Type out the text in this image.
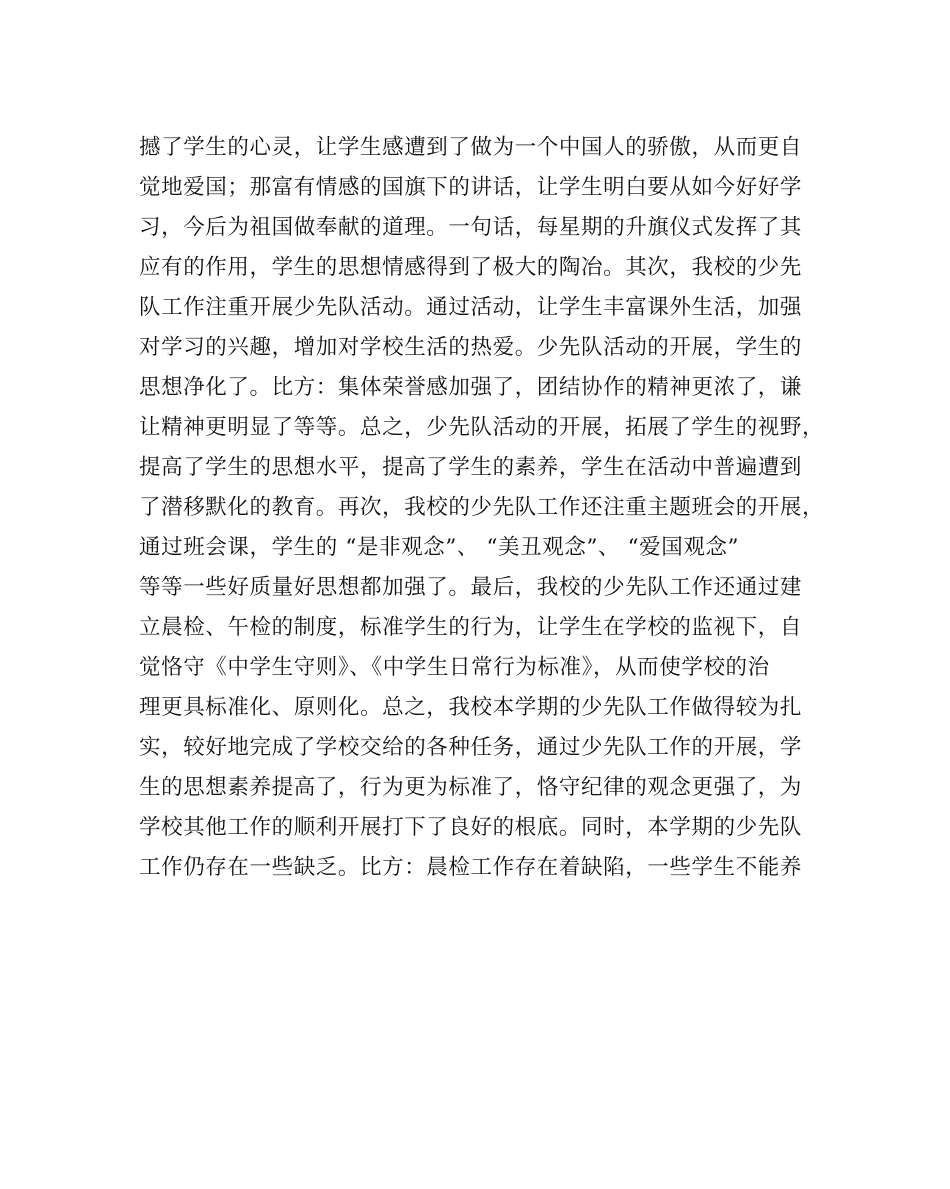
撼了学生的心灵，让学生感遭到了做为一个中国人的骄傲，从而更自
觉地爱国；那富有情感的国旗下的讲话，让学生明白要从如今好好学
习，今后为祖国做奉献的道理。一句话，每星期的升旗仪式发挥了其
应有的作用，学生的思想情感得到了极大的陶冶。其次，我校的少先
队工作注重开展少先队活动。通过活动，让学生丰富课外生活，加强
对学习的兴趣，增加对学校生活的热爱。少先队活动的开展，学生的
思想净化了。比方：集体荣誉感加强了，团结协作的精神更浓了，谦
让精神更明显了等等。总之，少先队活动的开展，拓展了学生的视野，
提高了学生的思想水平，提高了学生的素养，学生在活动中普遍遭到
了潜移默化的教育。再次，我校的少先队工作还注重主题班会的开展，
通过班会课，学生的 “是非观念”、 “美丑观念”、 “爱国观念”
等等一些好质量好思想都加强了。最后，我校的少先队工作还通过建
立晨检、午检的制度，标准学生的行为，让学生在学校的监视下，自
觉恪守《中学生守则》、《中学生日常行为标准》，从而使学校的治
理更具标准化、原则化。总之，我校本学期的少先队工作做得较为扎
实，较好地完成了学校交给的各种任务，通过少先队工作的开展，学
生的思想素养提高了，行为更为标准了，恪守纪律的观念更强了，为
学校其他工作的顺利开展打下了良好的根底。同时，本学期的少先队
工作仍存在一些缺乏。比方：晨检工作存在着缺陷，一些学生不能养
